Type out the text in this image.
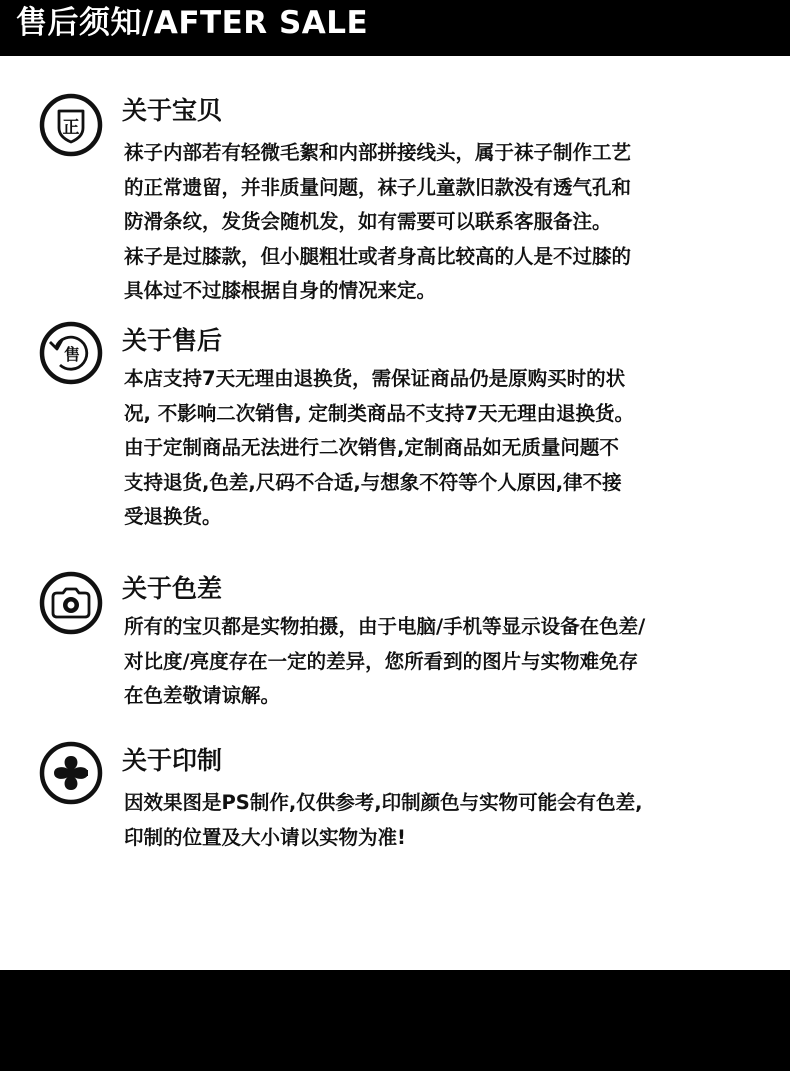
售后须知/AFTER SALE
正
关于宝贝
袜子内部若有轻微毛絮和内部拼接线头，属于袜子制作工艺
的正常遗留，并非质量问题，袜子儿童款旧款没有透气孔和
防滑条纹，发货会随机发，如有需要可以联系客服备注。
袜子是过膝款，但小腿粗壮或者身高比较高的人是不过膝的
具体过不过膝根据自身的情况来定。
售 关于售后
本店支持7天无理由退换货，需保证商品仍是原购买时的状
况, 不影响二次销售, 定制类商品不支持7天无理由退换货。
由于定制商品无法进行二次销售,定制商品如无质量问题不
支持退货,色差,尺码不合适,与想象不符等个人原因,律不接
受退换货。
关于色差
所有的宝贝都是实物拍摄，由于电脑/手机等显示设备在色差/
对比度/亮度存在一定的差异，您所看到的图片与实物难免存
在色差敬请谅解。
关于印制
因效果图是PS制作,仅供参考,印制颜色与实物可能会有色差,
印制的位置及大小请以实物为准!
